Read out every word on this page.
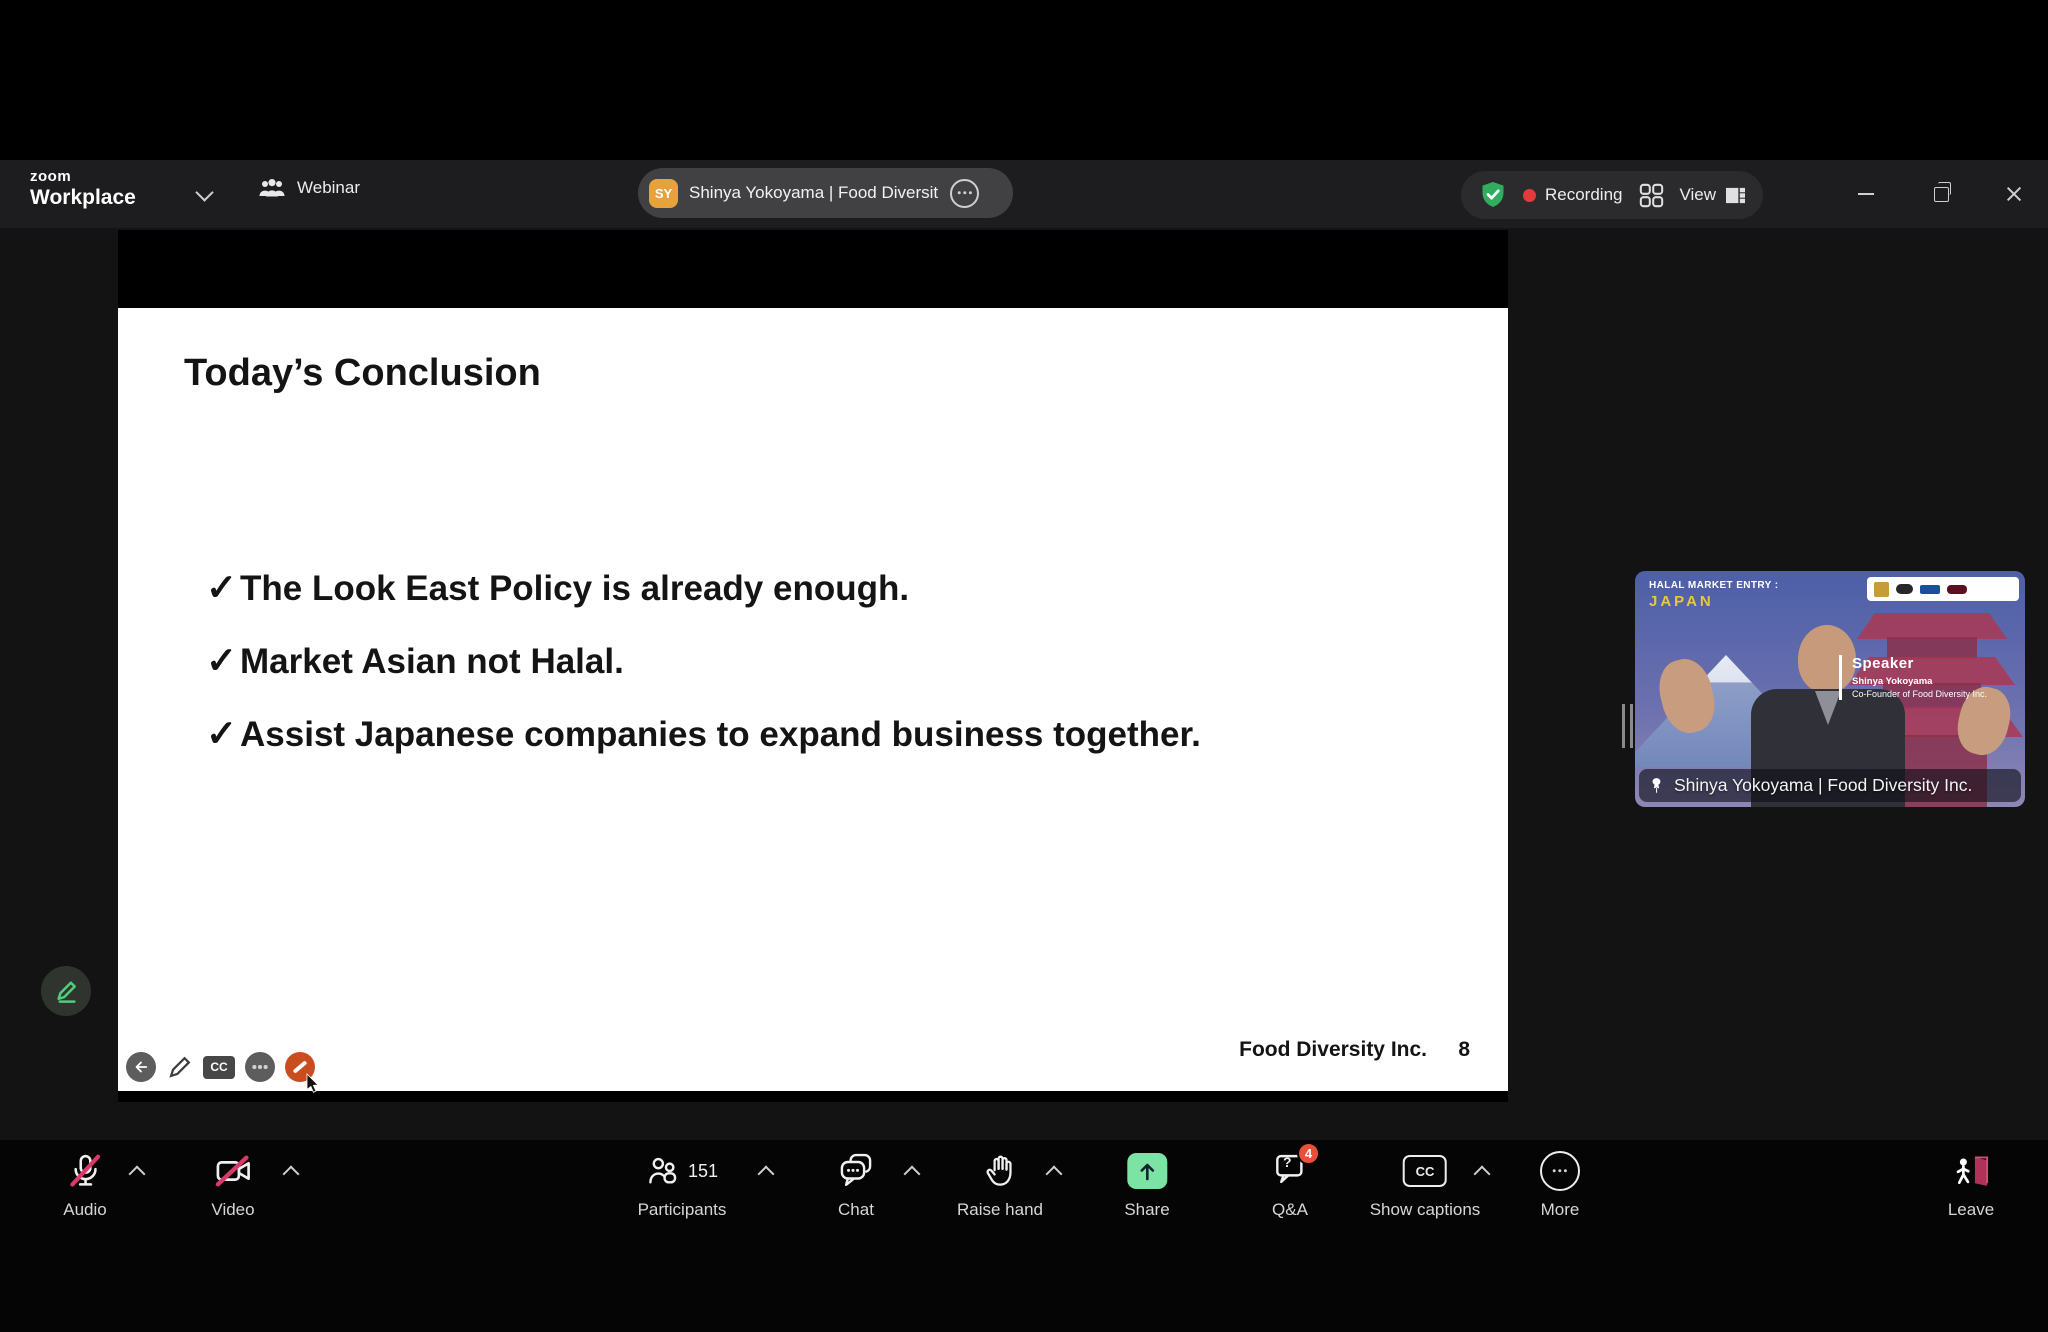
zoom
Workplace	Webinar	SY Shinya Yokoyama | Food Diversit	Recording	View
Today’s Conclusion
✓ The Look East Policy is already enough.
✓ Market Asian not Halal.
✓ Assist Japanese companies to expand business together.
Food Diversity Inc. 8
CC
HALAL MARKET ENTRY :
JAPAN
Speaker
Shinya Yokoyama
Co-Founder of Food Diversity Inc.
Shinya Yokoyama | Food Diversity Inc.
Audio	Video
151
Participants	Chat	Raise hand	Share
?
4
Q&A
CC
Show captions	More	Leave
